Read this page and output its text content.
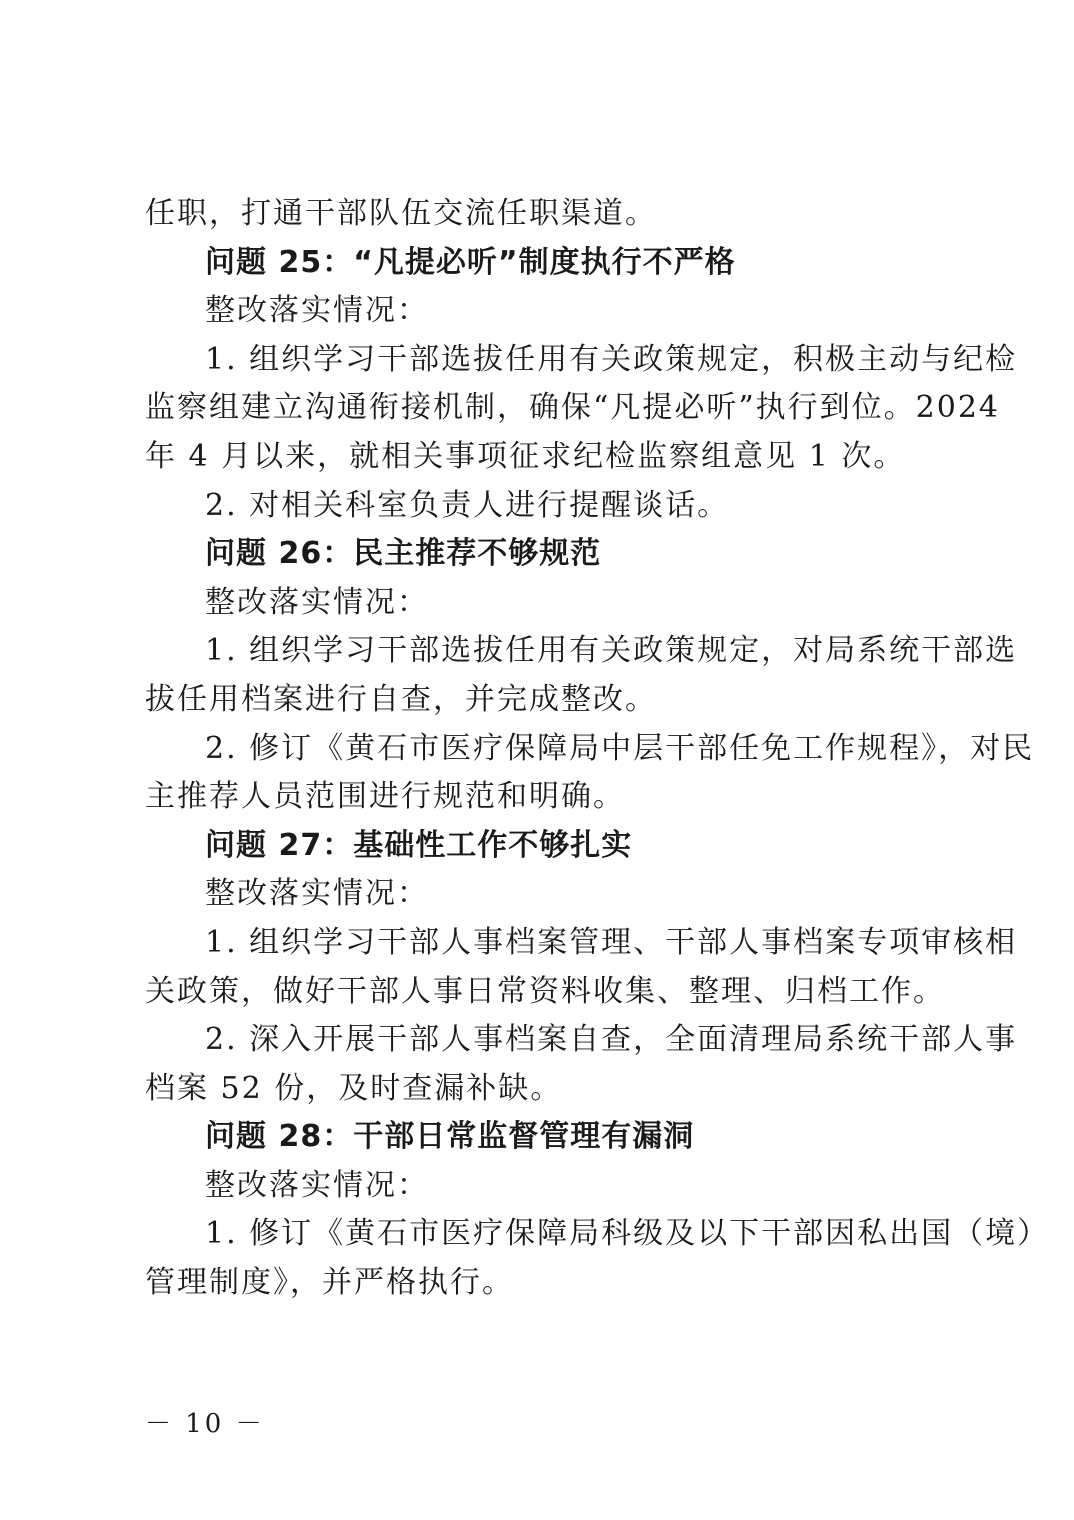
任职，打通干部队伍交流任职渠道。
问题 25：“凡提必听”制度执行不严格
整改落实情况：
1. 组织学习干部选拔任用有关政策规定，积极主动与纪检
监察组建立沟通衔接机制，确保“凡提必听”执行到位。2024
年 4 月以来，就相关事项征求纪检监察组意见 1 次。
2. 对相关科室负责人进行提醒谈话。
问题 26：民主推荐不够规范
整改落实情况：
1. 组织学习干部选拔任用有关政策规定，对局系统干部选
拔任用档案进行自查，并完成整改。
2. 修订《黄石市医疗保障局中层干部任免工作规程》，对民
主推荐人员范围进行规范和明确。
问题 27：基础性工作不够扎实
整改落实情况：
1. 组织学习干部人事档案管理、干部人事档案专项审核相
关政策，做好干部人事日常资料收集、整理、归档工作。
2. 深入开展干部人事档案自查，全面清理局系统干部人事
档案 52 份，及时查漏补缺。
问题 28：干部日常监督管理有漏洞
整改落实情况：
1. 修订《黄石市医疗保障局科级及以下干部因私出国（境）
管理制度》，并严格执行。
－ 10 －
